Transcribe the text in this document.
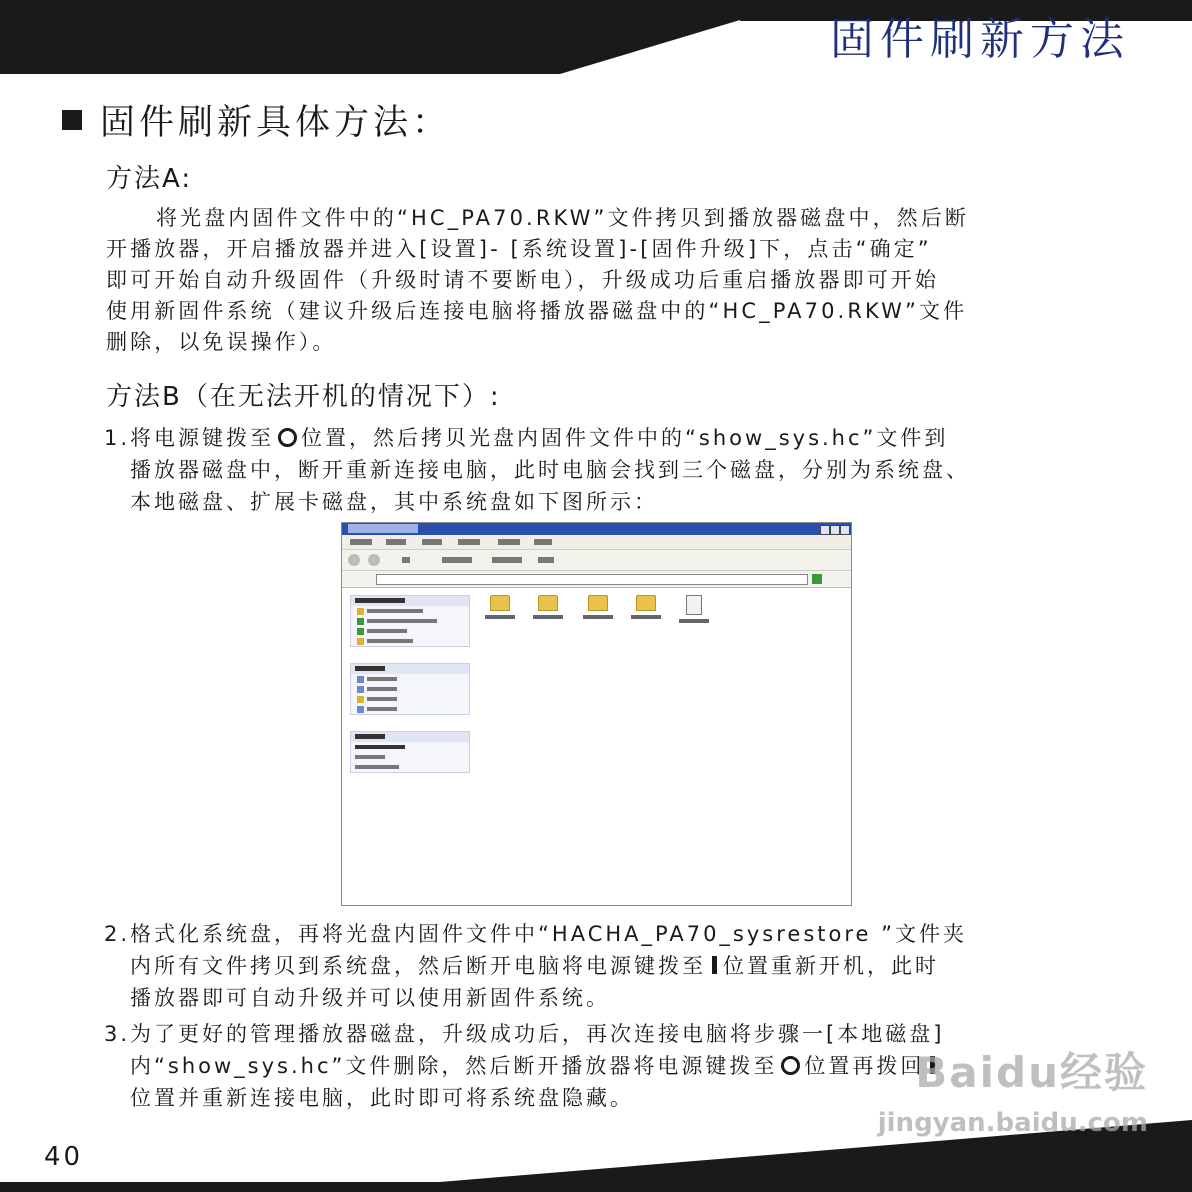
固件刷新方法
固件刷新具体方法：
方法A:

将光盘内固件文件中的“HC_PA70.RKW”文件拷贝到播放器磁盘中，然后断

开播放器，开启播放器并进入[设置]- [系统设置]-[固件升级]下，点击“确定”

即可开始自动升级固件（升级时请不要断电），升级成功后重启播放器即可开始

使用新固件系统（建议升级后连接电脑将播放器磁盘中的“HC_PA70.RKW”文件

删除，以免误操作）。

方法B（在无法开机的情况下）:
1.将电源键拨至 位置，然后拷贝光盘内固件文件中的“show_sys.hc”文件到
播放器磁盘中，断开重新连接电脑，此时电脑会找到三个磁盘，分别为系统盘、
本地磁盘、扩展卡磁盘，其中系统盘如下图所示：
2.格式化系统盘，再将光盘内固件文件中“HACHA_PA70_sysrestore ”文件夹
内所有文件拷贝到系统盘，然后断开电脑将电源键拨至 位置重新开机，此时
播放器即可自动升级并可以使用新固件系统。
3.为了更好的管理播放器磁盘，升级成功后，再次连接电脑将步骤一[本地磁盘]
内“show_sys.hc”文件删除，然后断开播放器将电源键拨至 位置再拨回
位置并重新连接电脑，此时即可将系统盘隐藏。
40
Baidu经验
jingyan.baidu.com
